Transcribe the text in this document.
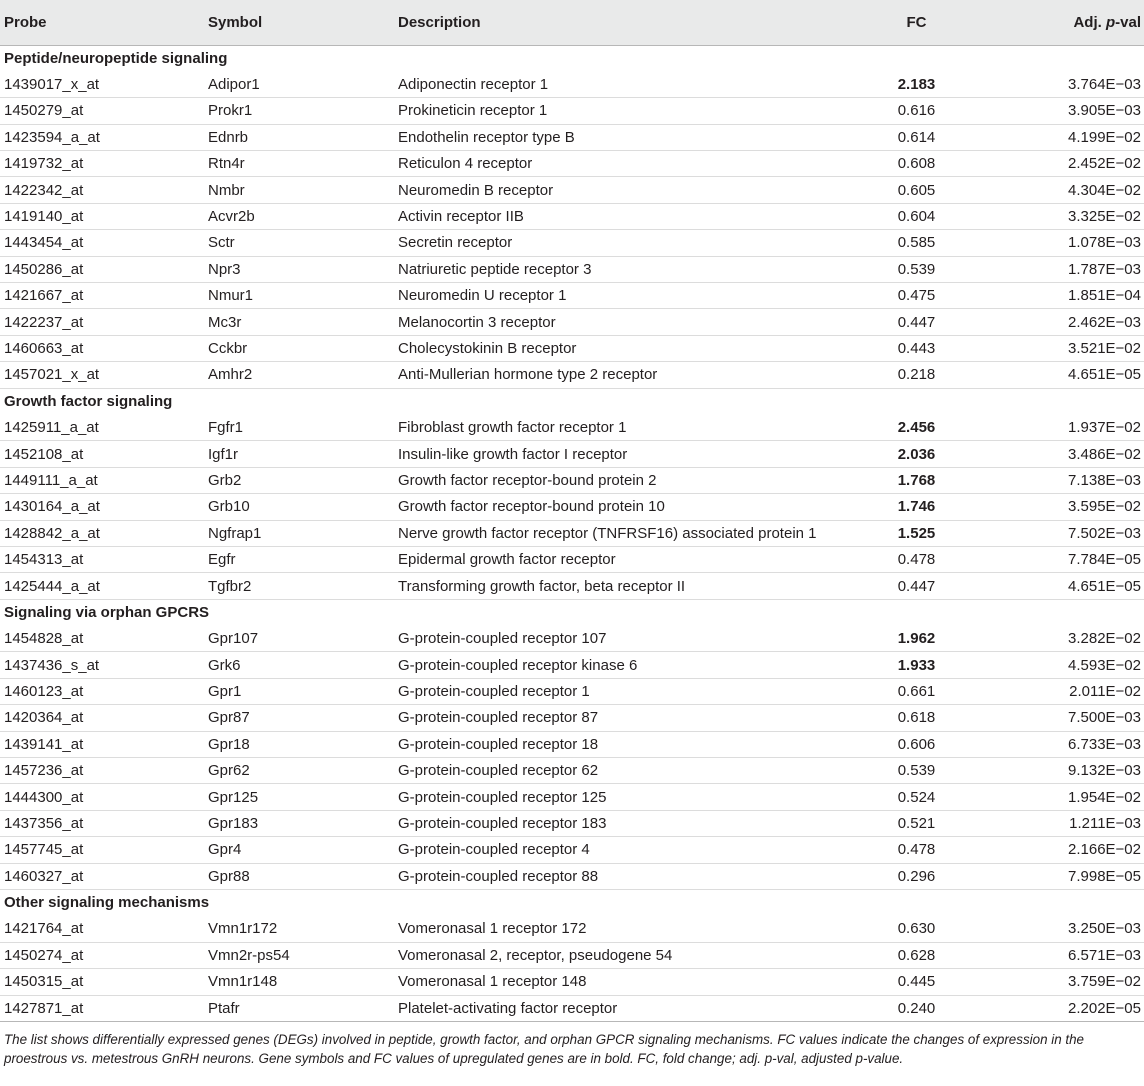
Probe	Symbol	Description	FC	Adj. p-val
Peptide/neuropeptide signaling				
1439017_x_at	Adipor1	Adiponectin receptor 1	2.183	3.764E−03
1450279_at	Prokr1	Prokineticin receptor 1	0.616	3.905E−03
1423594_a_at	Ednrb	Endothelin receptor type B	0.614	4.199E−02
1419732_at	Rtn4r	Reticulon 4 receptor	0.608	2.452E−02
1422342_at	Nmbr	Neuromedin B receptor	0.605	4.304E−02
1419140_at	Acvr2b	Activin receptor IIB	0.604	3.325E−02
1443454_at	Sctr	Secretin receptor	0.585	1.078E−03
1450286_at	Npr3	Natriuretic peptide receptor 3	0.539	1.787E−03
1421667_at	Nmur1	Neuromedin U receptor 1	0.475	1.851E−04
1422237_at	Mc3r	Melanocortin 3 receptor	0.447	2.462E−03
1460663_at	Cckbr	Cholecystokinin B receptor	0.443	3.521E−02
1457021_x_at	Amhr2	Anti-Mullerian hormone type 2 receptor	0.218	4.651E−05
Growth factor signaling				
1425911_a_at	Fgfr1	Fibroblast growth factor receptor 1	2.456	1.937E−02
1452108_at	Igf1r	Insulin-like growth factor I receptor	2.036	3.486E−02
1449111_a_at	Grb2	Growth factor receptor-bound protein 2	1.768	7.138E−03
1430164_a_at	Grb10	Growth factor receptor-bound protein 10	1.746	3.595E−02
1428842_a_at	Ngfrap1	Nerve growth factor receptor (TNFRSF16) associated protein 1	1.525	7.502E−03
1454313_at	Egfr	Epidermal growth factor receptor	0.478	7.784E−05
1425444_a_at	Tgfbr2	Transforming growth factor, beta receptor II	0.447	4.651E−05
Signaling via orphan GPCRS				
1454828_at	Gpr107	G-protein-coupled receptor 107	1.962	3.282E−02
1437436_s_at	Grk6	G-protein-coupled receptor kinase 6	1.933	4.593E−02
1460123_at	Gpr1	G-protein-coupled receptor 1	0.661	2.011E−02
1420364_at	Gpr87	G-protein-coupled receptor 87	0.618	7.500E−03
1439141_at	Gpr18	G-protein-coupled receptor 18	0.606	6.733E−03
1457236_at	Gpr62	G-protein-coupled receptor 62	0.539	9.132E−03
1444300_at	Gpr125	G-protein-coupled receptor 125	0.524	1.954E−02
1437356_at	Gpr183	G-protein-coupled receptor 183	0.521	1.211E−03
1457745_at	Gpr4	G-protein-coupled receptor 4	0.478	2.166E−02
1460327_at	Gpr88	G-protein-coupled receptor 88	0.296	7.998E−05
Other signaling mechanisms				
1421764_at	Vmn1r172	Vomeronasal 1 receptor 172	0.630	3.250E−03
1450274_at	Vmn2r-ps54	Vomeronasal 2, receptor, pseudogene 54	0.628	6.571E−03
1450315_at	Vmn1r148	Vomeronasal 1 receptor 148	0.445	3.759E−02
1427871_at	Ptafr	Platelet-activating factor receptor	0.240	2.202E−05
The list shows differentially expressed genes (DEGs) involved in peptide, growth factor, and orphan GPCR signaling mechanisms. FC values indicate the changes of expression in the proestrous vs. metestrous GnRH neurons. Gene symbols and FC values of upregulated genes are in bold. FC, fold change; adj. p-val, adjusted p-value.
